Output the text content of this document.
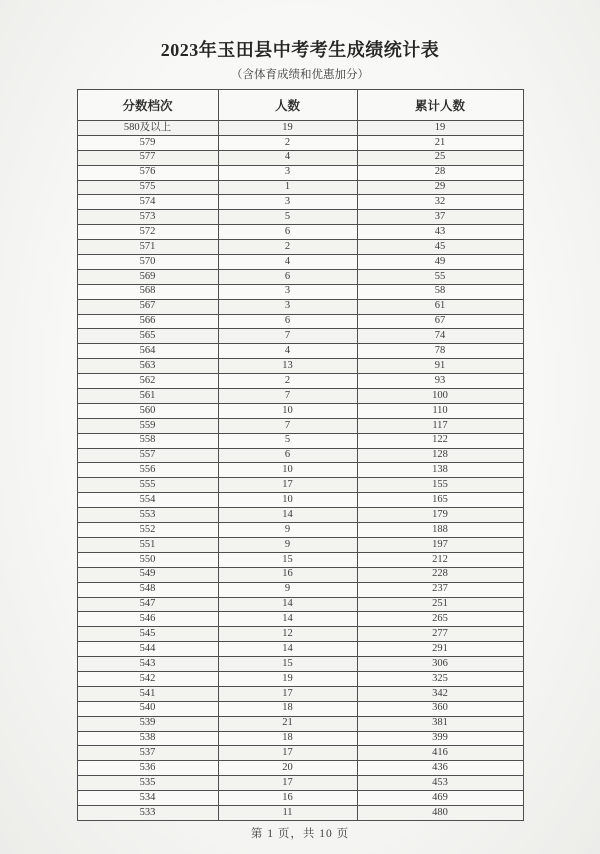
2023年玉田县中考考生成绩统计表
（含体育成绩和优惠加分）
分数档次	人数	累计人数
580及以上	19	19
579	2	21
577	4	25
576	3	28
575	1	29
574	3	32
573	5	37
572	6	43
571	2	45
570	4	49
569	6	55
568	3	58
567	3	61
566	6	67
565	7	74
564	4	78
563	13	91
562	2	93
561	7	100
560	10	110
559	7	117
558	5	122
557	6	128
556	10	138
555	17	155
554	10	165
553	14	179
552	9	188
551	9	197
550	15	212
549	16	228
548	9	237
547	14	251
546	14	265
545	12	277
544	14	291
543	15	306
542	19	325
541	17	342
540	18	360
539	21	381
538	18	399
537	17	416
536	20	436
535	17	453
534	16	469
533	11	480
第 1 页，共 10 页
